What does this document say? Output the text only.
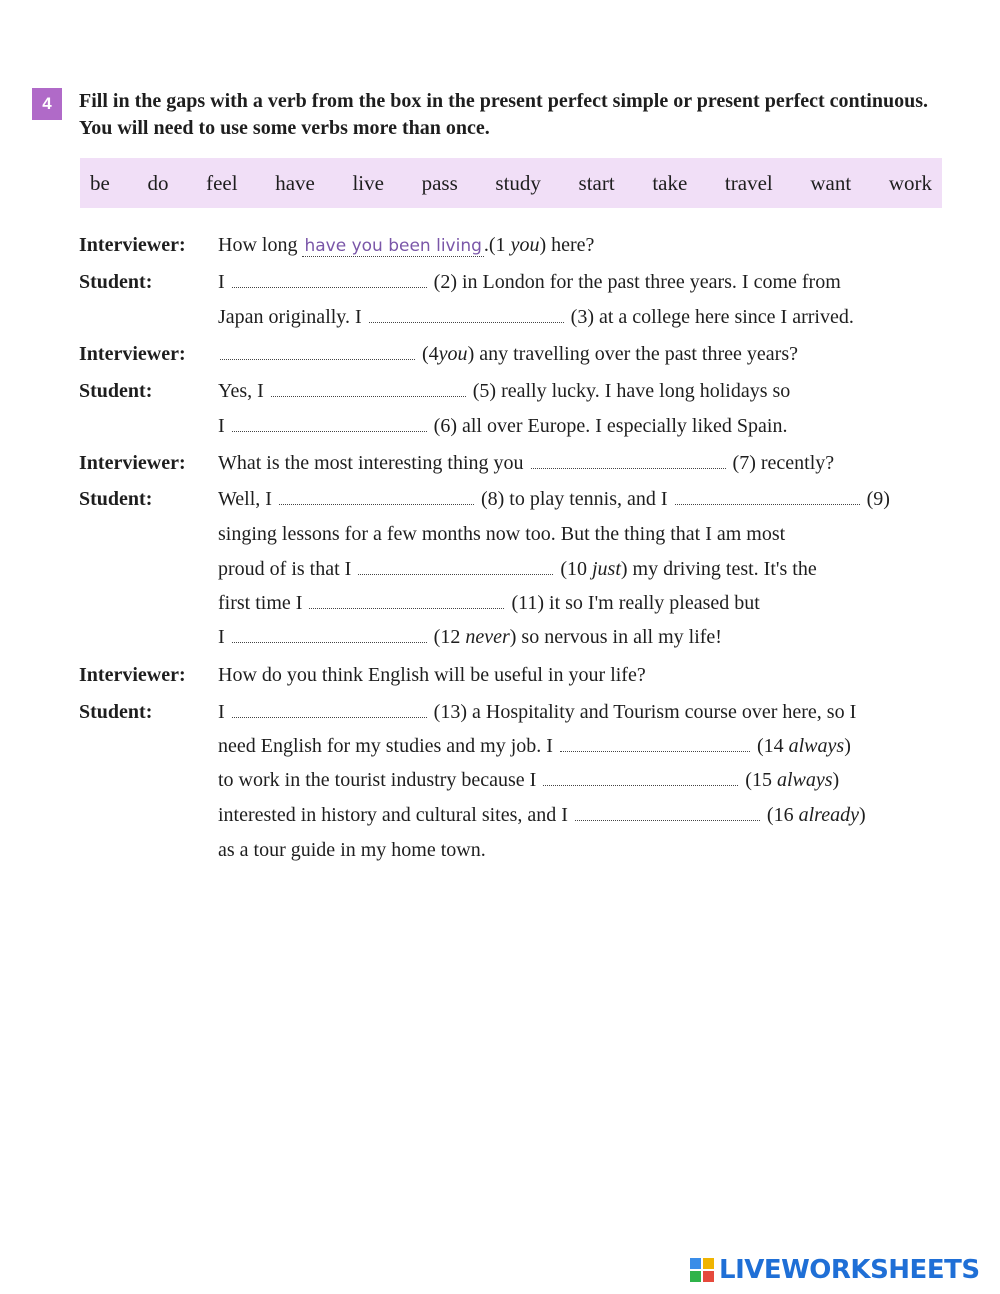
4	Fill in the gaps with a verb from the box in the present perfect simple or present perfect continuous. You will need to use some verbs more than once.
be do feel have live pass study start take travel want work
Interviewer: How long have you been living .(1 you) here?
Student:	I	(2) in London for the past three years. I come from
Japan originally. I	(3) at a college here since I arrived.
Interviewer:	(4you) any travelling over the past three years?
Student:	Yes, I	(5) really lucky. I have long holidays so
I	(6) all over Europe. I especially liked Spain.
Interviewer: What is the most interesting thing you	(7) recently?
Student:	Well, I	(8) to play tennis, and I	(9)
singing lessons for a few months now too. But the thing that I am most
proud of is that I	(10 just) my driving test. It's the
first time I	(11) it so I'm really pleased but
I	(12 never) so nervous in all my life!
Interviewer: How do you think English will be useful in your life?
Student:	I	(13) a Hospitality and Tourism course over here, so I
need English for my studies and my job. I	(14 always)
to work in the tourist industry because I	(15 always)
interested in history and cultural sites, and I	(16 already)
as a tour guide in my home town.
LIVEWORKSHEETS
